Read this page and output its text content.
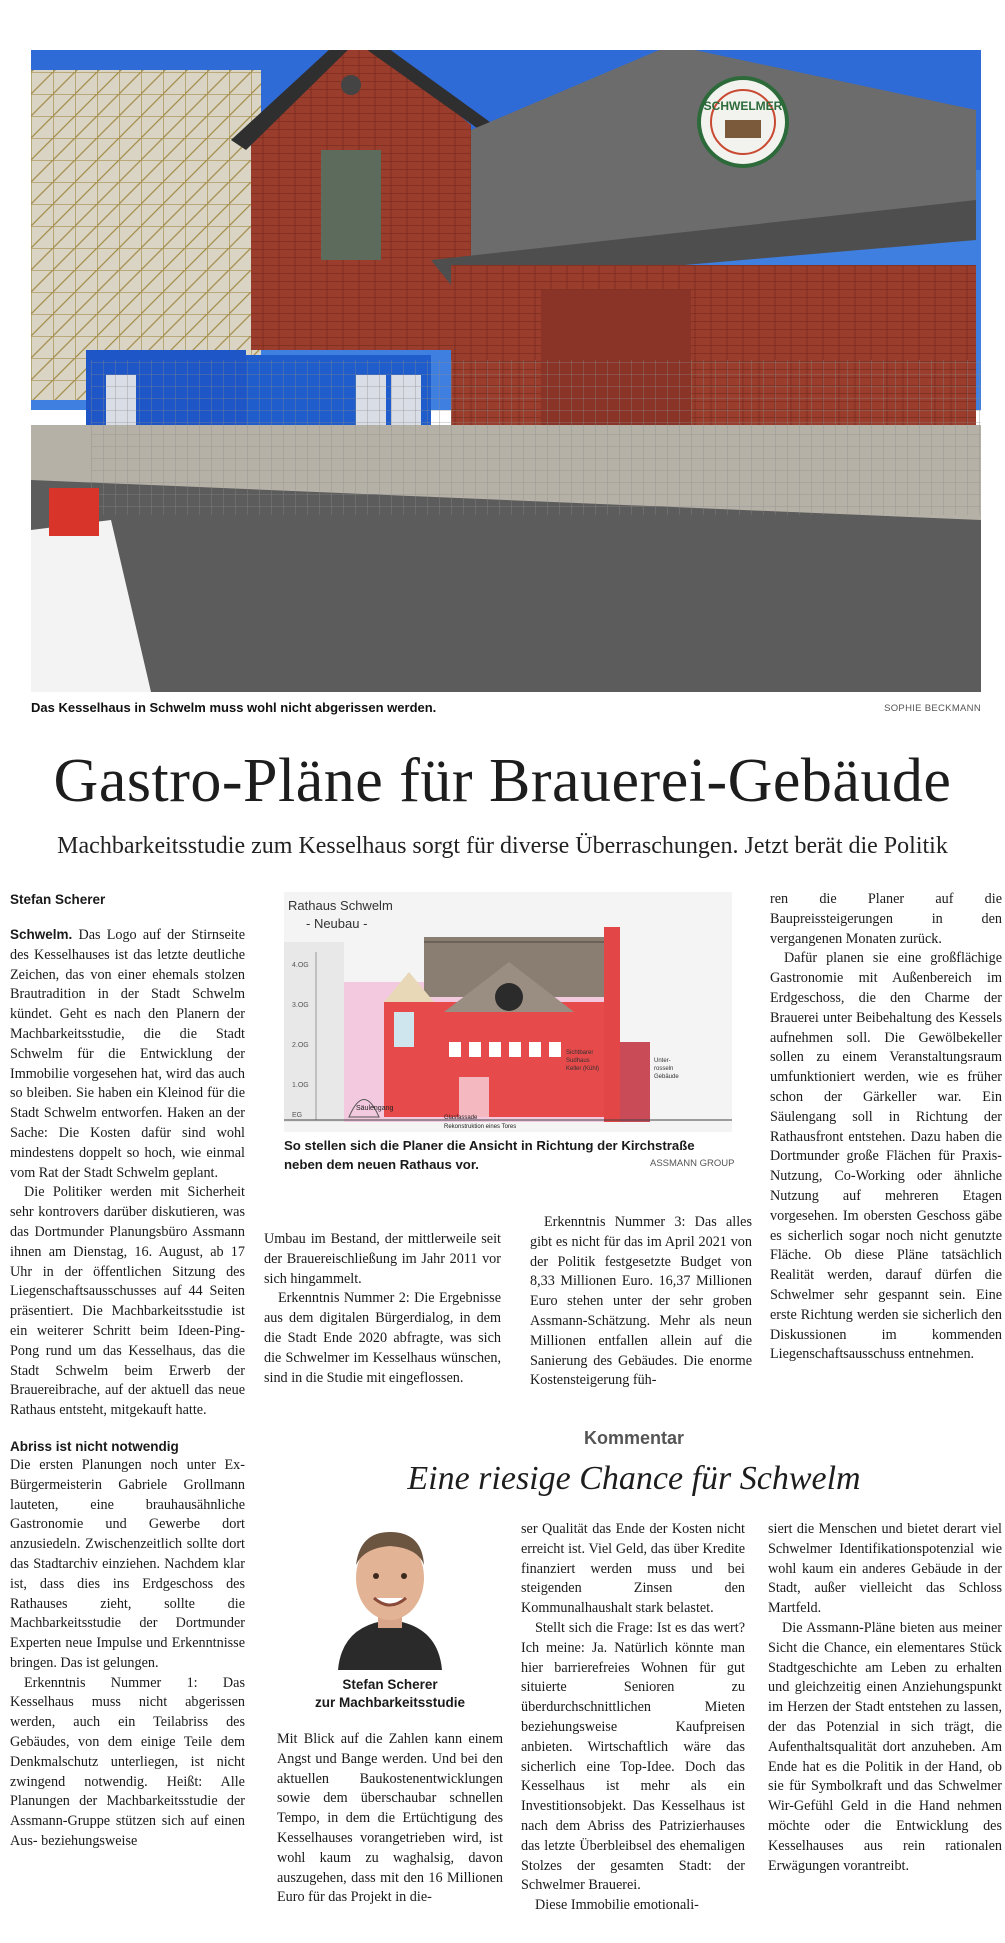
SCHWELMER
Das Kesselhaus in Schwelm muss wohl nicht abgerissen werden.	SOPHIE BECKMANN
Gastro-Pläne für Brauerei-Gebäude
Machbarkeitsstudie zum Kesselhaus sorgt für diverse Überraschungen. Jetzt berät die Politik
Stefan Scherer

Schwelm. Das Logo auf der Stirnseite des Kesselhauses ist das letzte deutliche Zeichen, das von einer ehemals stolzen Brautradition in der Stadt Schwelm kündet. Geht es nach den Planern der Machbarkeitsstudie, die die Stadt Schwelm für die Entwicklung der Immobilie vorgesehen hat, wird das auch so bleiben. Sie haben ein Kleinod für die Stadt Schwelm entworfen. Haken an der Sache: Die Kosten dafür sind wohl mindestens doppelt so hoch, wie einmal vom Rat der Stadt Schwelm geplant.

Die Politiker werden mit Sicherheit sehr kontrovers darüber diskutieren, was das Dortmunder Planungsbüro Assmann ihnen am Dienstag, 16. August, ab 17 Uhr in der öffentlichen Sitzung des Liegenschaftsausschusses auf 44 Seiten präsentiert. Die Machbarkeitsstudie ist ein weiterer Schritt beim Ideen-Ping-Pong rund um das Kesselhaus, das die Stadt Schwelm beim Erwerb der Brauereibrache, auf der aktuell das neue Rathaus entsteht, mitgekauft hatte.

Abriss ist nicht notwendig

Die ersten Planungen noch unter Ex-Bürgermeisterin Gabriele Grollmann lauteten, eine brauhausähnliche Gastronomie und Gewerbe dort anzusiedeln. Zwischenzeitlich sollte dort das Stadtarchiv einziehen. Nachdem klar ist, dass dies ins Erdgeschoss des Rathauses zieht, sollte die Machbarkeitsstudie der Dortmunder Experten neue Impulse und Erkenntnisse bringen. Das ist gelungen.

Erkenntnis Nummer 1: Das Kesselhaus muss nicht abgerissen werden, auch ein Teilabriss des Gebäudes, von dem einige Teile dem Denkmalschutz unterliegen, ist nicht zwingend notwendig. Heißt: Alle Planungen der Machbarkeitsstudie der Assmann-Gruppe stützen sich auf einen Aus- beziehungsweise

Rathaus Schwelm
- Neubau -
4.OG
3.OG
2.OG
1.OG
EG
Säulengang
Glasfassade
Rekonstruktion eines Tores
Sichtbarer
Sudhaus
Keller (Kühl)
Unter-
rosseln
Gebäude
So stellen sich die Planer die Ansicht in Richtung der Kirchstraße neben dem neuen Rathaus vor.	ASSMANN GROUP

Umbau im Bestand, der mittlerweile seit der Brauereischließung im Jahr 2011 vor sich hingammelt.

Erkenntnis Nummer 2: Die Ergebnisse aus dem digitalen Bürgerdialog, in dem die Stadt Ende 2020 abfragte, was sich die Schwelmer im Kesselhaus wünschen, sind in die Studie mit eingeflossen.

Erkenntnis Nummer 3: Das alles gibt es nicht für das im April 2021 von der Politik festgesetzte Budget von 8,33 Millionen Euro. 16,37 Millionen Euro stehen unter der sehr groben Assmann-Schätzung. Mehr als neun Millionen entfallen allein auf die Sanierung des Gebäudes. Die enorme Kostensteigerung füh-

ren die Planer auf die Baupreissteigerungen in den vergangenen Monaten zurück.

Dafür planen sie eine großflächige Gastronomie mit Außenbereich im Erdgeschoss, die den Charme der Brauerei unter Beibehaltung des Kessels aufnehmen soll. Die Gewölbekeller sollen zu einem Veranstaltungsraum umfunktioniert werden, wie es früher schon der Gärkeller war. Ein Säulengang soll in Richtung der Rathausfront entstehen. Dazu haben die Dortmunder große Flächen für Praxis-Nutzung, Co-Working oder ähnliche Nutzung auf mehreren Etagen vorgesehen. Im obersten Geschoss gäbe es sicherlich sogar noch nicht genutzte Fläche. Ob diese Pläne tatsächlich Realität werden, darauf dürfen die Schwelmer sehr gespannt sein. Eine erste Richtung werden sie sicherlich den Diskussionen im kommenden Liegenschaftsausschuss entnehmen.

Kommentar
Eine riesige Chance für Schwelm
Stefan Scherer
zur Machbarkeitsstudie

Mit Blick auf die Zahlen kann einem Angst und Bange werden. Und bei den aktuellen Baukostenentwicklungen sowie dem überschaubar schnellen Tempo, in dem die Ertüchtigung des Kesselhauses vorangetrieben wird, ist wohl kaum zu waghalsig, davon auszugehen, dass mit den 16 Millionen Euro für das Projekt in die-

ser Qualität das Ende der Kosten nicht erreicht ist. Viel Geld, das über Kredite finanziert werden muss und bei steigenden Zinsen den Kommunalhaushalt stark belastet.

Stellt sich die Frage: Ist es das wert? Ich meine: Ja. Natürlich könnte man hier barrierefreies Wohnen für gut situierte Senioren zu überdurchschnittlichen Mieten beziehungsweise Kaufpreisen anbieten. Wirtschaftlich wäre das sicherlich eine Top-Idee. Doch das Kesselhaus ist mehr als ein Investitionsobjekt. Das Kesselhaus ist nach dem Abriss des Patrizierhauses das letzte Überbleibsel des ehemaligen Stolzes der gesamten Stadt: der Schwelmer Brauerei.

Diese Immobilie emotionali-

siert die Menschen und bietet derart viel Schwelmer Identifikationspotenzial wie wohl kaum ein anderes Gebäude in der Stadt, außer vielleicht das Schloss Martfeld.

Die Assmann-Pläne bieten aus meiner Sicht die Chance, ein elementares Stück Stadtgeschichte am Leben zu erhalten und gleichzeitig einen Anziehungspunkt im Herzen der Stadt entstehen zu lassen, der das Potenzial in sich trägt, die Aufenthaltsqualität dort anzuheben. Am Ende hat es die Politik in der Hand, ob sie für Symbolkraft und das Schwelmer Wir-Gefühl Geld in die Hand nehmen möchte oder die Entwicklung des Kesselhauses aus rein rationalen Erwägungen vorantreibt.
